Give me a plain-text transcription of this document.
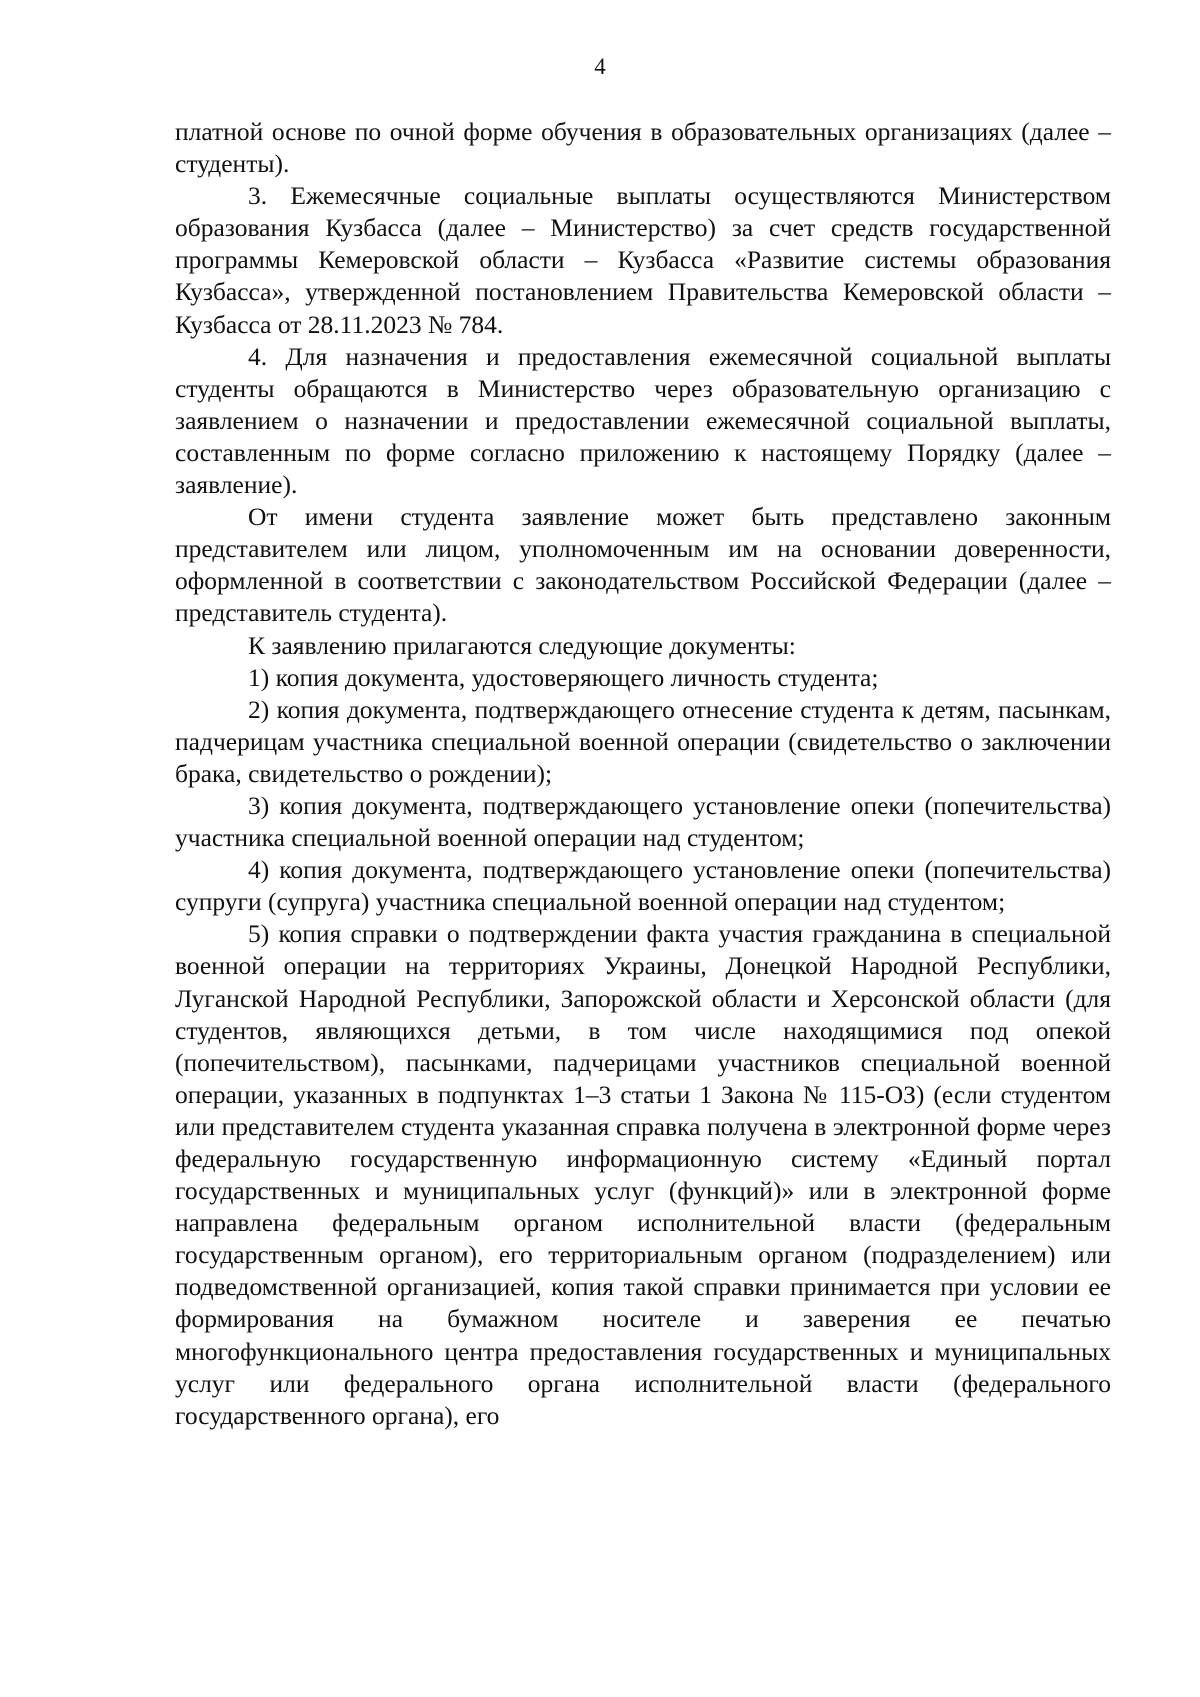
4

платной основе по очной форме обучения в образовательных организациях (далее – студенты).

3. Ежемесячные социальные выплаты осуществляются Министерством образования Кузбасса (далее – Министерство) за счет средств государственной программы Кемеровской области – Кузбасса «Развитие системы образования Кузбасса», утвержденной постановлением Правительства Кемеровской области – Кузбасса от 28.11.2023 № 784.

4. Для назначения и предоставления ежемесячной социальной выплаты студенты обращаются в Министерство через образовательную организацию с заявлением о назначении и предоставлении ежемесячной социальной выплаты, составленным по форме согласно приложению к настоящему Порядку (далее – заявление).

От имени студента заявление может быть представлено законным представителем или лицом, уполномоченным им на основании доверенности, оформленной в соответствии с законодательством Российской Федерации (далее – представитель студента).

К заявлению прилагаются следующие документы:

1) копия документа, удостоверяющего личность студента;

2) копия документа, подтверждающего отнесение студента к детям, пасынкам, падчерицам участника специальной военной операции (свидетельство о заключении брака, свидетельство о рождении);

3) копия документа, подтверждающего установление опеки (попечительства) участника специальной военной операции над студентом;

4) копия документа, подтверждающего установление опеки (попечительства) супруги (супруга) участника специальной военной операции над студентом;

5) копия справки о подтверждении факта участия гражданина в специальной военной операции на территориях Украины, Донецкой Народной Республики, Луганской Народной Республики, Запорожской области и Херсонской области (для студентов, являющихся детьми, в том числе находящимися под опекой (попечительством), пасынками, падчерицами участников специальной военной операции, указанных в подпунктах 1–3 статьи 1 Закона № 115-ОЗ) (если студентом или представителем студента указанная справка получена в электронной форме через федеральную государственную информационную систему «Единый портал государственных и муниципальных услуг (функций)» или в электронной форме направлена федеральным органом исполнительной власти (федеральным государственным органом), его территориальным органом (подразделением) или подведомственной организацией, копия такой справки принимается при условии ее формирования на бумажном носителе и заверения ее печатью многофункционального центра предоставления государственных и муниципальных услуг или федерального органа исполнительной власти (федерального государственного органа), его
